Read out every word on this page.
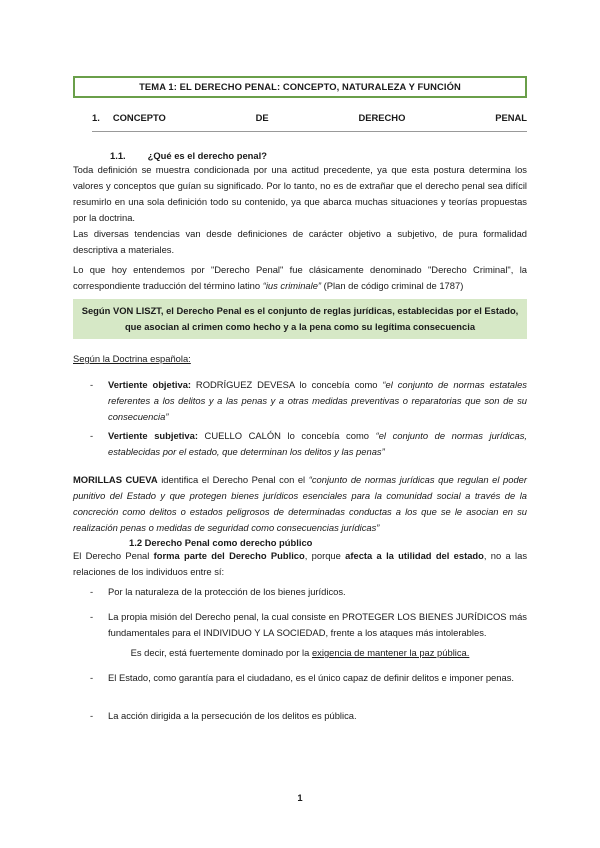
TEMA 1: EL DERECHO PENAL: CONCEPTO, NATURALEZA Y FUNCIÓN
1. CONCEPTO	DE	DERECHO	PENAL
1.1. ¿Qué es el derecho penal?

Toda definición se muestra condicionada por una actitud precedente, ya que esta postura determina los valores y conceptos que guían su significado. Por lo tanto, no es de extrañar que el derecho penal sea difícil resumirlo en una sola definición todo su contenido, ya que abarca muchas situaciones y teorías propuestas por la doctrina.

Las diversas tendencias van desde definiciones de carácter objetivo a subjetivo, de pura formalidad descriptiva a materiales.

Lo que hoy entendemos por "Derecho Penal" fue clásicamente denominado "Derecho Criminal", la correspondiente traducción del término latino “ius criminale” (Plan de código criminal de 1787)

Según VON LISZT, el Derecho Penal es el conjunto de reglas jurídicas, establecidas por el Estado,
que asocian al crimen como hecho y a la pena como su legítima consecuencia
Según la Doctrina española:
- Vertiente objetiva: RODRÍGUEZ DEVESA lo concebía como “el conjunto de normas estatales referentes a los delitos y a las penas y a otras medidas preventivas o reparatorias que son de su consecuencia”
- Vertiente subjetiva: CUELLO CALÓN lo concebía como “el conjunto de normas jurídicas, establecidas por el estado, que determinan los delitos y las penas”

MORILLAS CUEVA identifica el Derecho Penal con el “conjunto de normas jurídicas que regulan el poder punitivo del Estado y que protegen bienes jurídicos esenciales para la comunidad social a través de la concreción como delitos o estados peligrosos de determinadas conductas a los que se le asocian en su realización penas o medidas de seguridad como consecuencias jurídicas”

1.2 Derecho Penal como derecho público

El Derecho Penal forma parte del Derecho Publico, porque afecta a la utilidad del estado, no a las relaciones de los individuos entre sí:

- Por la naturaleza de la protección de los bienes jurídicos.
- La propia misión del Derecho penal, la cual consiste en PROTEGER LOS BIENES JURÍDICOS más fundamentales para el INDIVIDUO Y LA SOCIEDAD, frente a los ataques más intolerables.
Es decir, está fuertemente dominado por la exigencia de mantener la paz pública.
- El Estado, como garantía para el ciudadano, es el único capaz de definir delitos e imponer penas.
- La acción dirigida a la persecución de los delitos es pública.
1
